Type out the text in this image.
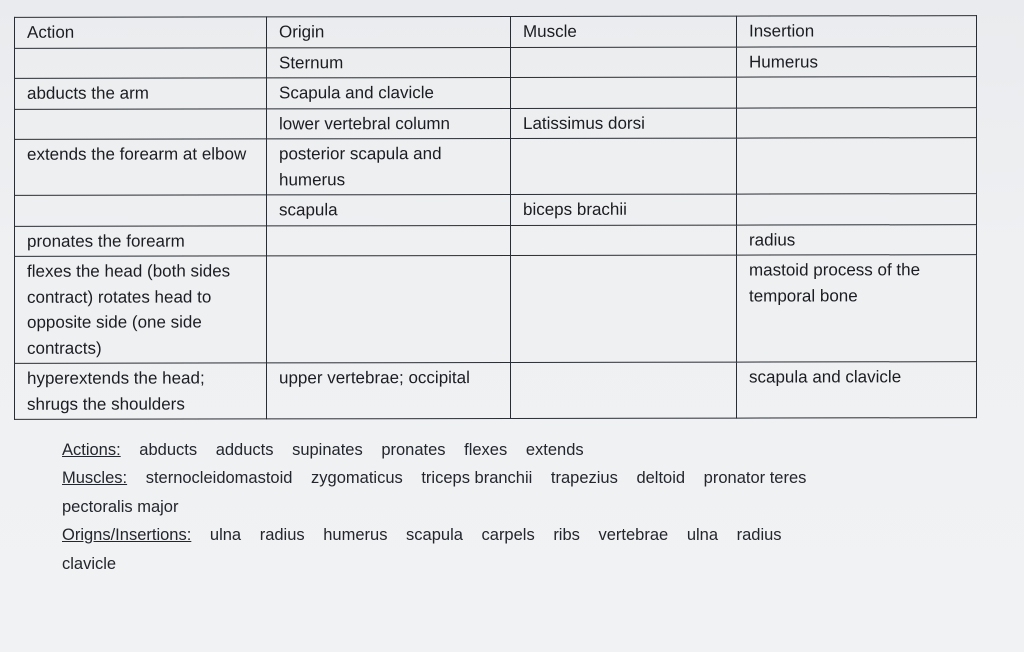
Action	Origin	Muscle	Insertion
	Sternum		Humerus
abducts the arm	Scapula and clavicle		
	lower vertebral column	Latissimus dorsi	
extends the forearm at elbow	posterior scapula and humerus		
	scapula	biceps brachii	
pronates the forearm			radius
flexes the head (both sides contract) rotates head to opposite side (one side contracts)			mastoid process of the temporal bone
hyperextends the head; shrugs the shoulders	upper vertebrae; occipital		scapula and clavicle
Actions: abducts adducts supinates pronates flexes extends
Muscles: sternocleidomastoid zygomaticus triceps branchii trapezius deltoid pronator teres
pectoralis major
Origns/Insertions: ulna radius humerus scapula carpels ribs vertebrae ulna radius
clavicle
